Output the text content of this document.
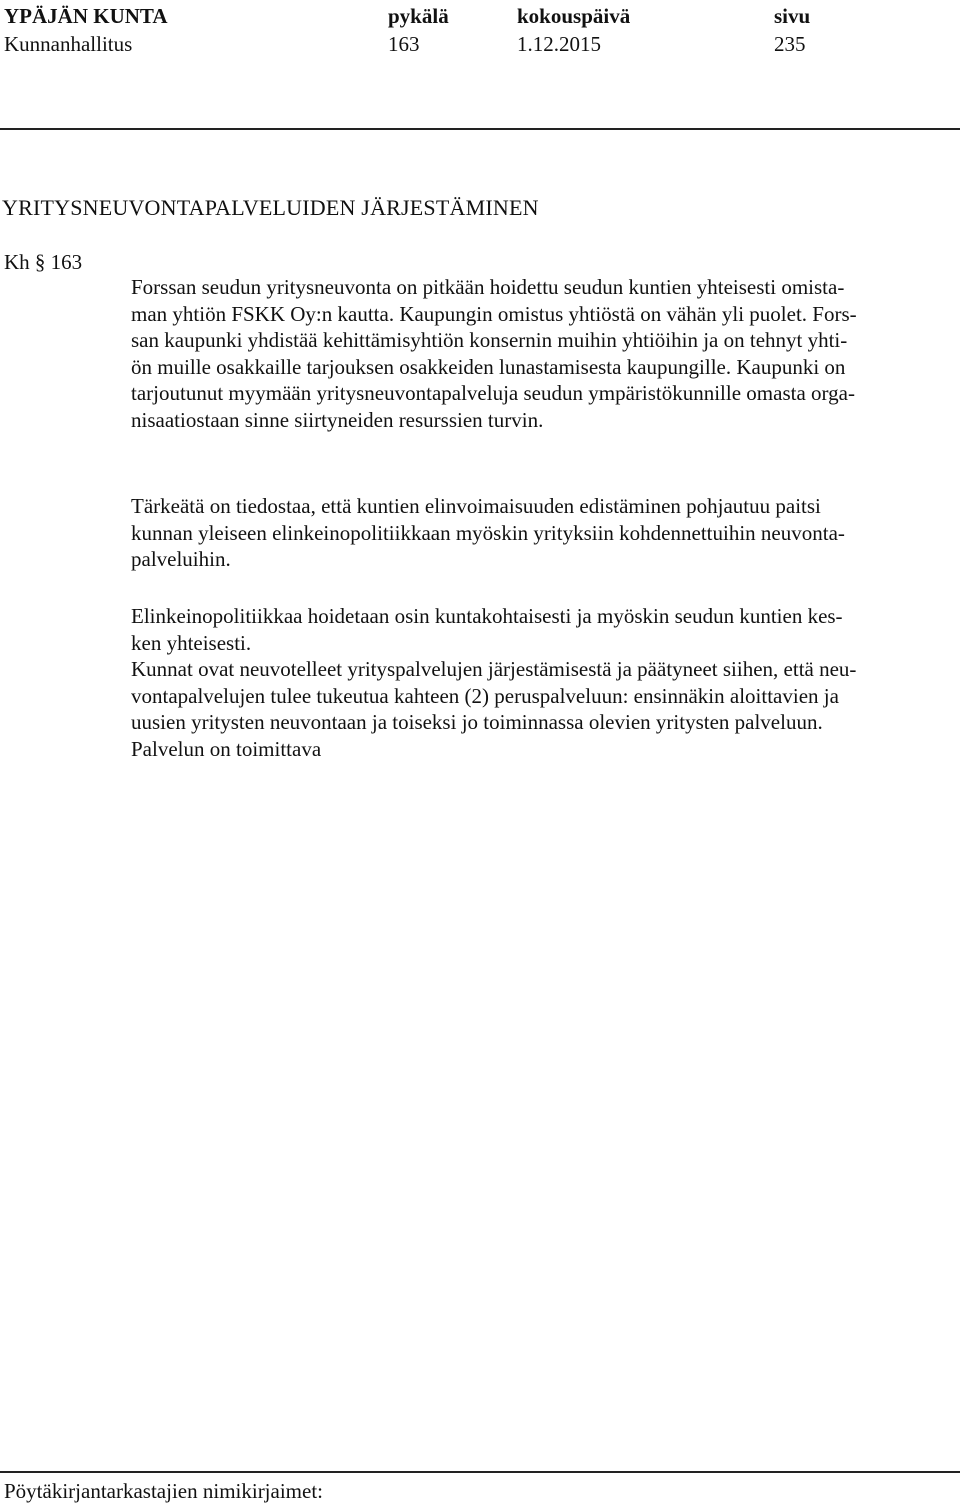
YPÄJÄN KUNTA	pykälä	kokouspäivä	sivu
Kunnanhallitus	163	1.12.2015	235
YRITYSNEUVONTAPALVELUIDEN JÄRJESTÄMINEN
Kh § 163
Forssan seudun yritysneuvonta on pitkään hoidettu seudun kuntien yhteisesti omista-
man yhtiön FSKK Oy:n kautta. Kaupungin omistus yhtiöstä on vähän yli puolet. Fors-
san kaupunki yhdistää kehittämisyhtiön konsernin muihin yhtiöihin ja on tehnyt yhti-
ön muille osakkaille tarjouksen osakkeiden lunastamisesta kaupungille. Kaupunki on
tarjoutunut myymään yritysneuvontapalveluja seudun ympäristökunnille omasta orga-
nisaatiostaan sinne siirtyneiden resurssien turvin.
Tärkeätä on tiedostaa, että kuntien elinvoimaisuuden edistäminen pohjautuu paitsi
kunnan yleiseen elinkeinopolitiikkaan myöskin yrityksiin kohdennettuihin neuvonta-
palveluihin.
Elinkeinopolitiikkaa hoidetaan osin kuntakohtaisesti ja myöskin seudun kuntien kes-
ken yhteisesti.
Kunnat ovat neuvotelleet yrityspalvelujen järjestämisestä ja päätyneet siihen, että neu-
vontapalvelujen tulee tukeutua kahteen (2) peruspalveluun: ensinnäkin aloittavien ja
uusien yritysten neuvontaan ja toiseksi jo toiminnassa olevien yritysten palveluun.
Palvelun on toimittava
Pöytäkirjantarkastajien nimikirjaimet:
